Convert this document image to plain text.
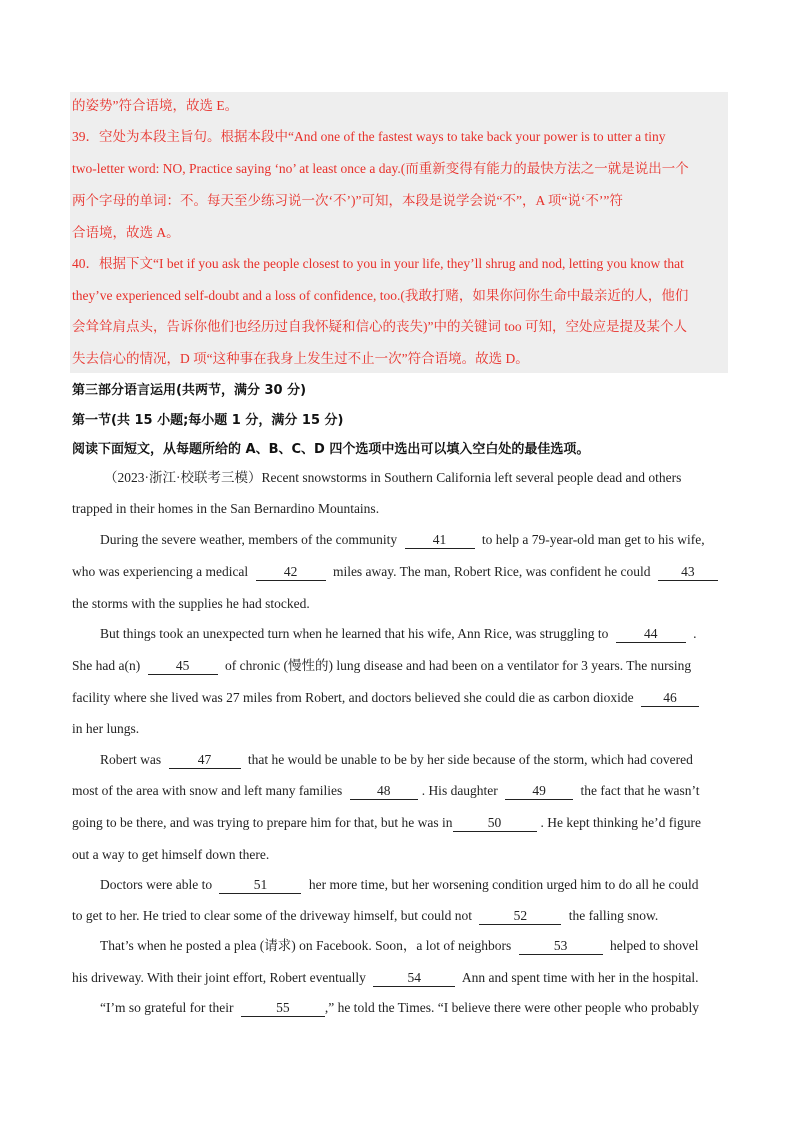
的姿势”符合语境，故选 E。
39．空处为本段主旨句。根据本段中“And one of the fastest ways to take back your power is to utter a tiny
two-letter word: NO, Practice saying ‘no’ at least once a day.(而重新变得有能力的最快方法之一就是说出一个
两个字母的单词：不。每天至少练习说一次‘不’)”可知，本段是说学会说“不”，A 项“说‘不’”符
合语境，故选 A。
40．根据下文“I bet if you ask the people closest to you in your life, they’ll shrug and nod, letting you know that
they’ve experienced self-doubt and a loss of confidence, too.(我敢打赌，如果你问你生命中最亲近的人，他们
会耸耸肩点头，告诉你他们也经历过自我怀疑和信心的丧失)”中的关键词 too 可知，空处应是提及某个人
失去信心的情况，D 项“这种事在我身上发生过不止一次”符合语境。故选 D。
第三部分语言运用(共两节，满分 30 分)
第一节(共 15 小题;每小题 1 分，满分 15 分)
阅读下面短文，从每题所给的 A、B、C、D 四个选项中选出可以填入空白处的最佳选项。
（2023·浙江·校联考三模）Recent snowstorms in Southern California left several people dead and others
trapped in their homes in the San Bernardino Mountains.
During the severe weather, members of the community	41	to help a 79-year-old man get to his wife,
who was experiencing a medical	42	miles away. The man, Robert Rice, was confident he could 43
the storms with the supplies he had stocked.
But things took an unexpected turn when he learned that his wife, Ann Rice, was struggling to	44	.
She had a(n)	45	of chronic (慢性的) lung disease and had been on a ventilator for 3 years. The nursing
facility where she lived was 27 miles from Robert, and doctors believed she could die as carbon dioxide 46
in her lungs.
Robert was	47	that he would be unable to be by her side because of the storm, which had covered
most of the area with snow and left many families	48 . His daughter	49	the fact that he wasn’t
going to be there, and was trying to prepare him for that, but he was in	50	. He kept thinking he’d figure
out a way to get himself down there.
Doctors were able to	51	her more time, but her worsening condition urged him to do all he could
to get to her. He tried to clear some of the driveway himself, but could not	52	the falling snow.
That’s when he posted a plea (请求) on Facebook. Soon，a lot of neighbors	53	helped to shovel
his driveway. With their joint effort, Robert eventually	54	Ann and spent time with her in the hospital.
“I’m so grateful for their	55	,” he told the Times. “I believe there were other people who probably
